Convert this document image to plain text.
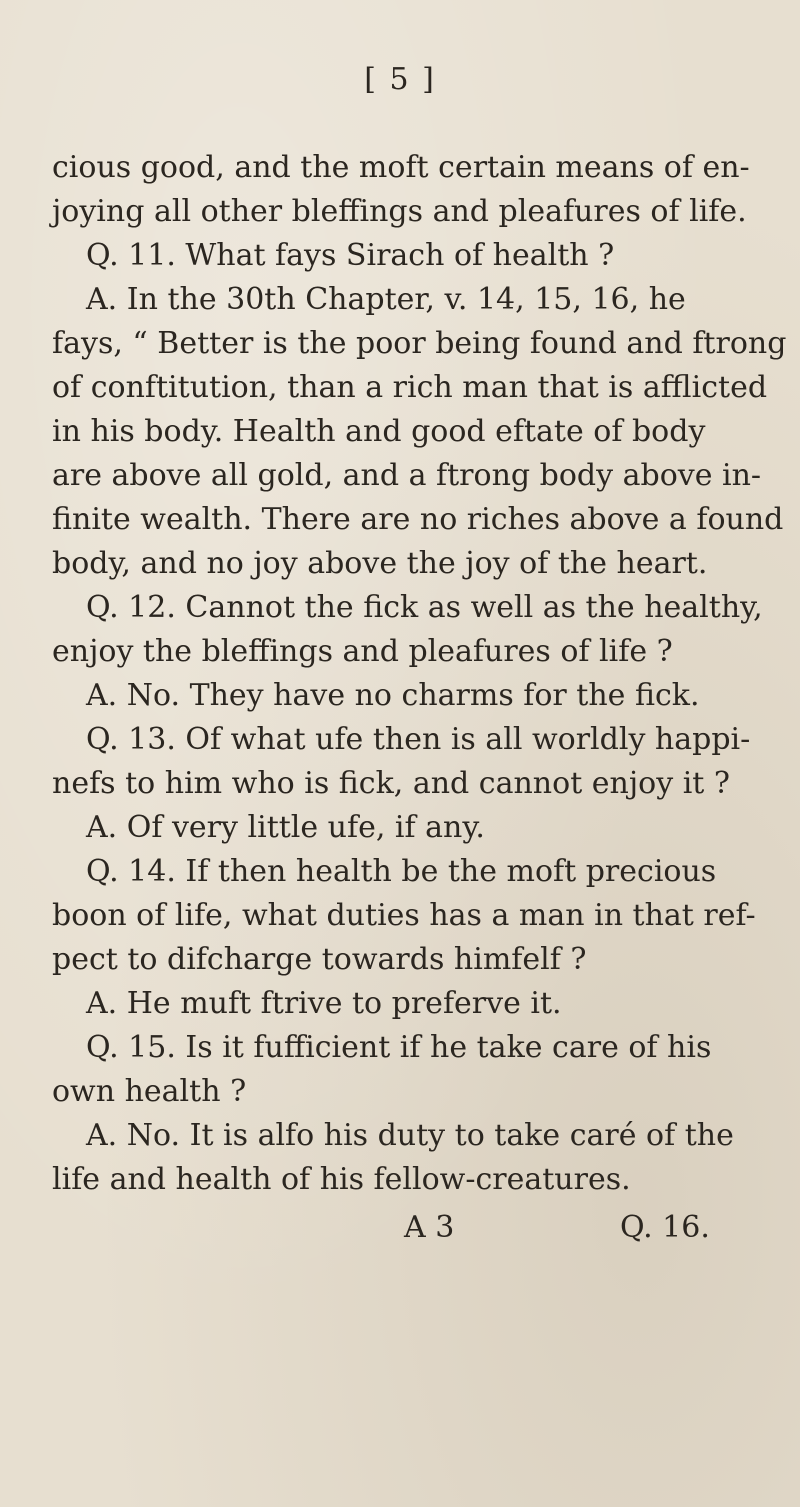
[ 5 ]
cious good, and the moft certain means of en-
joying all other bleffings and pleafures of life.
Q. 11. What fays Sirach of health ?
A. In the 30th Chapter, v. 14, 15, 16, he
fays, “ Better is the poor being found and ftrong
of conftitution, than a rich man that is afflicted
in his body. Health and good eftate of body
are above all gold, and a ftrong body above in-
finite wealth. There are no riches above a found
body, and no joy above the joy of the heart.
Q. 12. Cannot the fick as well as the healthy,
enjoy the bleffings and pleafures of life ?
A. No. They have no charms for the fick.
Q. 13. Of what ufe then is all worldly happi-
nefs to him who is fick, and cannot enjoy it ?
A. Of very little ufe, if any.
Q. 14. If then health be the moft precious
boon of life, what duties has a man in that ref-
pect to difcharge towards himfelf ?
A. He muft ftrive to preferve it.
Q. 15. Is it fufficient if he take care of his
own health ?
A. No. It is alfo his duty to take caré of the
life and health of his fellow-creatures.
A 3	Q. 16.
